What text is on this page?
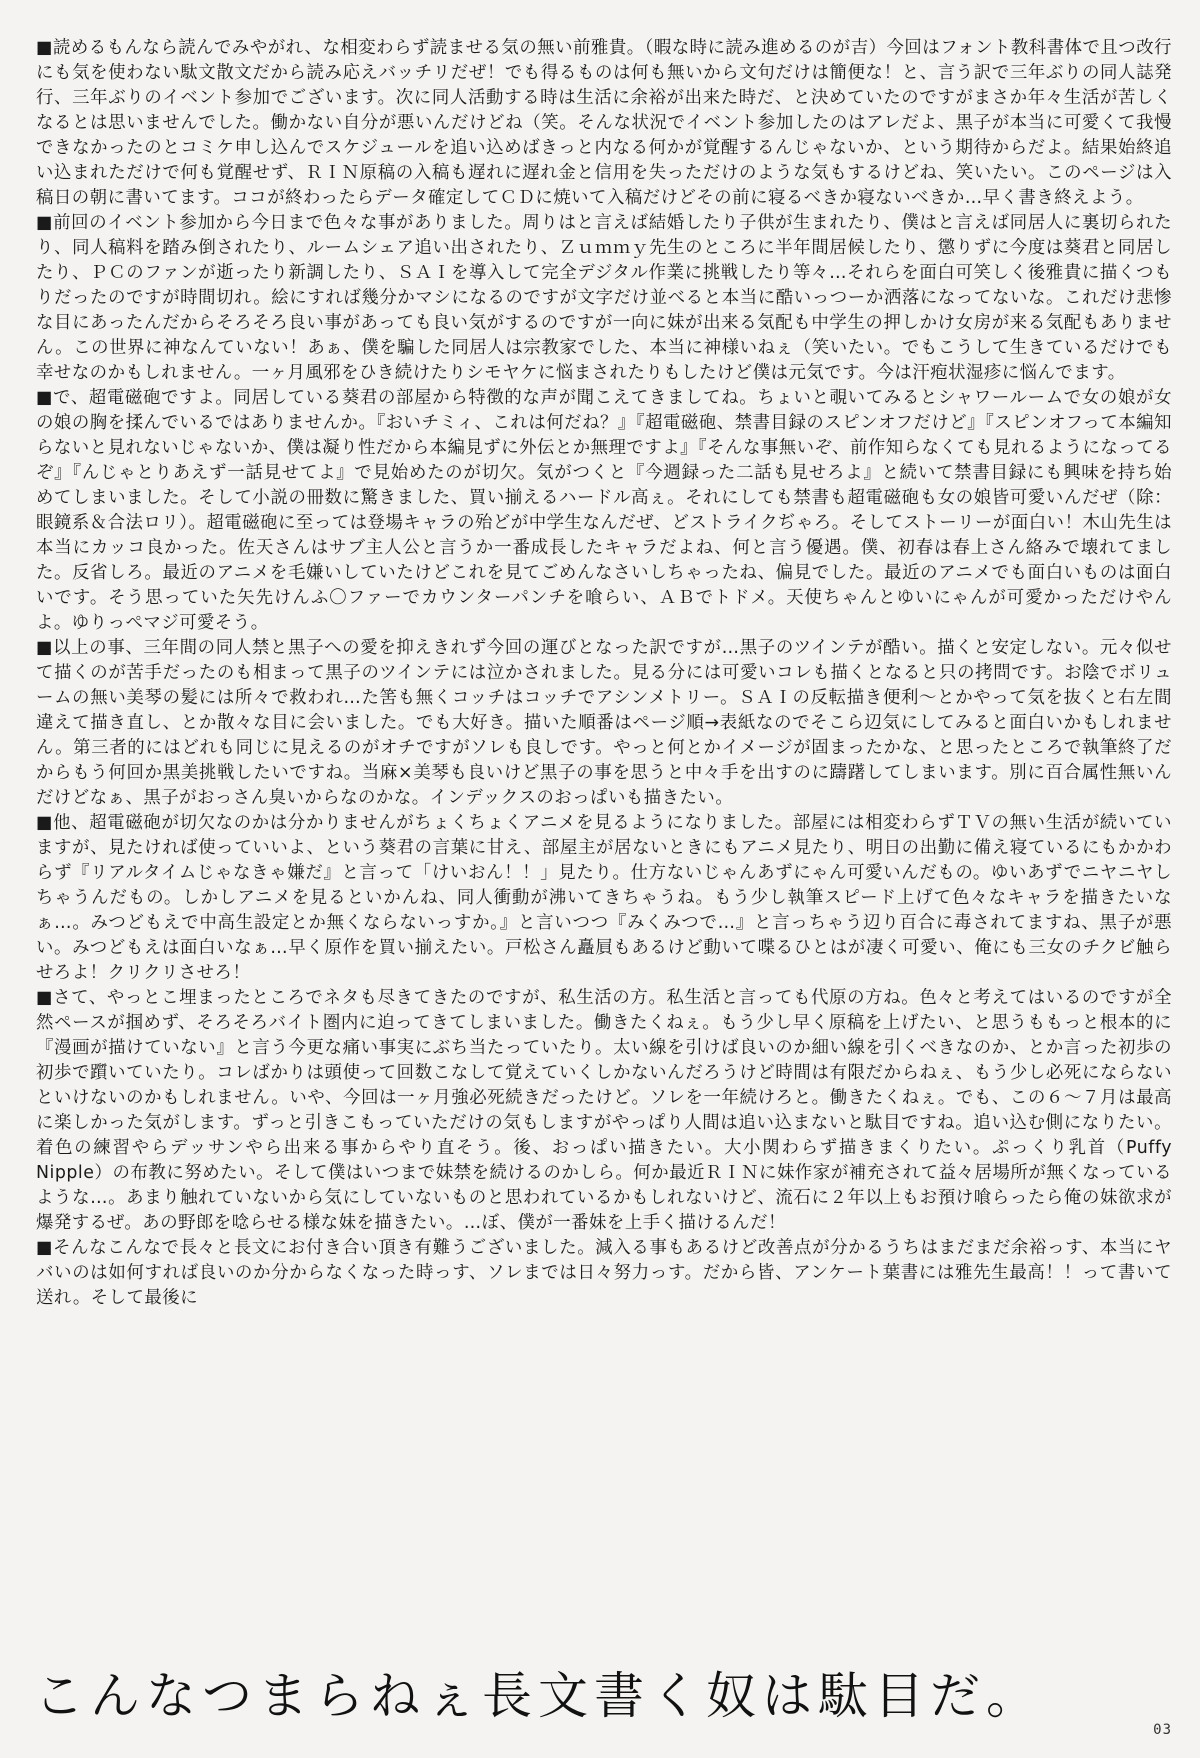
■読めるもんなら読んでみやがれ、な相変わらず読ませる気の無い前雅貴。（暇な時に読み進めるのが吉）今回はフォント教科書体で且つ改行にも気を使わない駄文散文だから読み応えバッチリだぜ！でも得るものは何も無いから文句だけは簡便な！と、言う訳で三年ぶりの同人誌発行、三年ぶりのイベント参加でございます。次に同人活動する時は生活に余裕が出来た時だ、と決めていたのですがまさか年々生活が苦しくなるとは思いませんでした。働かない自分が悪いんだけどね（笑。そんな状況でイベント参加したのはアレだよ、黒子が本当に可愛くて我慢できなかったのとコミケ申し込んでスケジュールを追い込めばきっと内なる何かが覚醒するんじゃないか、という期待からだよ。結果始終追い込まれただけで何も覚醒せず、ＲＩＮ原稿の入稿も遅れに遅れ金と信用を失っただけのような気もするけどね、笑いたい。このページは入稿日の朝に書いてます。ココが終わったらデータ確定してＣＤに焼いて入稿だけどその前に寝るべきか寝ないべきか…早く書き終えよう。

■前回のイベント参加から今日まで色々な事がありました。周りはと言えば結婚したり子供が生まれたり、僕はと言えば同居人に裏切られたり、同人稿料を踏み倒されたり、ルームシェア追い出されたり、Ｚｕｍｍｙ先生のところに半年間居候したり、懲りずに今度は葵君と同居したり、ＰＣのファンが逝ったり新調したり、ＳＡＩを導入して完全デジタル作業に挑戦したり等々…それらを面白可笑しく後雅貴に描くつもりだったのですが時間切れ。絵にすれば幾分かマシになるのですが文字だけ並べると本当に酷いっつーか洒落になってないな。これだけ悲惨な目にあったんだからそろそろ良い事があっても良い気がするのですが一向に妹が出来る気配も中学生の押しかけ女房が来る気配もありません。この世界に神なんていない！あぁ、僕を騙した同居人は宗教家でした、本当に神様いねぇ（笑いたい。でもこうして生きているだけでも幸せなのかもしれません。一ヶ月風邪をひき続けたりシモヤケに悩まされたりもしたけど僕は元気です。今は汗疱状湿疹に悩んでます。

■で、超電磁砲ですよ。同居している葵君の部屋から特徴的な声が聞こえてきましてね。ちょいと覗いてみるとシャワールームで女の娘が女の娘の胸を揉んでいるではありませんか。『おいチミィ、これは何だね？』『超電磁砲、禁書目録のスピンオフだけど』『スピンオフって本編知らないと見れないじゃないか、僕は凝り性だから本編見ずに外伝とか無理ですよ』『そんな事無いぞ、前作知らなくても見れるようになってるぞ』『んじゃとりあえず一話見せてよ』で見始めたのが切欠。気がつくと『今週録った二話も見せろよ』と続いて禁書目録にも興味を持ち始めてしまいました。そして小説の冊数に驚きました、買い揃えるハードル高ぇ。それにしても禁書も超電磁砲も女の娘皆可愛いんだぜ（除：眼鏡系＆合法ロリ）。超電磁砲に至っては登場キャラの殆どが中学生なんだぜ、どストライクぢゃろ。そしてストーリーが面白い！木山先生は本当にカッコ良かった。佐天さんはサブ主人公と言うか一番成長したキャラだよね、何と言う優遇。僕、初春は春上さん絡みで壊れてました。反省しろ。最近のアニメを毛嫌いしていたけどこれを見てごめんなさいしちゃったね、偏見でした。最近のアニメでも面白いものは面白いです。そう思っていた矢先けんふ〇ファーでカウンターパンチを喰らい、ＡＢでトドメ。天使ちゃんとゆいにゃんが可愛かっただけやんよ。ゆりっぺマジ可愛そう。

■以上の事、三年間の同人禁と黒子への愛を抑えきれず今回の運びとなった訳ですが…黒子のツインテが酷い。描くと安定しない。元々似せて描くのが苦手だったのも相まって黒子のツインテには泣かされました。見る分には可愛いコレも描くとなると只の拷問です。お陰でボリュームの無い美琴の髪には所々で救われ…た筈も無くコッチはコッチでアシンメトリー。ＳＡＩの反転描き便利〜とかやって気を抜くと右左間違えて描き直し、とか散々な目に会いました。でも大好き。描いた順番はページ順→表紙なのでそこら辺気にしてみると面白いかもしれません。第三者的にはどれも同じに見えるのがオチですがソレも良しです。やっと何とかイメージが固まったかな、と思ったところで執筆終了だからもう何回か黒美挑戦したいですね。当麻×美琴も良いけど黒子の事を思うと中々手を出すのに躊躇してしまいます。別に百合属性無いんだけどなぁ、黒子がおっさん臭いからなのかな。インデックスのおっぱいも描きたい。

■他、超電磁砲が切欠なのかは分かりませんがちょくちょくアニメを見るようになりました。部屋には相変わらずＴＶの無い生活が続いていますが、見たければ使っていいよ、という葵君の言葉に甘え、部屋主が居ないときにもアニメ見たり、明日の出勤に備え寝ているにもかかわらず『リアルタイムじゃなきゃ嫌だ』と言って「けいおん！！」見たり。仕方ないじゃんあずにゃん可愛いんだもの。ゆいあずでニヤニヤしちゃうんだもの。しかしアニメを見るといかんね、同人衝動が沸いてきちゃうね。もう少し執筆スピード上げて色々なキャラを描きたいなぁ…。みつどもえで中高生設定とか無くならないっすか。』と言いつつ『みくみつで…』と言っちゃう辺り百合に毒されてますね、黒子が悪い。みつどもえは面白いなぁ…早く原作を買い揃えたい。戸松さん矗屓もあるけど動いて喋るひとはが凄く可愛い、俺にも三女のチクビ触らせろよ！クリクリさせろ！

■さて、やっとこ埋まったところでネタも尽きてきたのですが、私生活の方。私生活と言っても代原の方ね。色々と考えてはいるのですが全然ペースが掴めず、そろそろバイト圏内に迫ってきてしまいました。働きたくねぇ。もう少し早く原稿を上げたい、と思うももっと根本的に『漫画が描けていない』と言う今更な痛い事実にぶち当たっていたり。太い線を引けば良いのか細い線を引くべきなのか、とか言った初歩の初歩で躓いていたり。コレばかりは頭使って回数こなして覚えていくしかないんだろうけど時間は有限だからねぇ、もう少し必死にならないといけないのかもしれません。いや、今回は一ヶ月強必死続きだったけど。ソレを一年続けろと。働きたくねぇ。でも、この６〜７月は最高に楽しかった気がします。ずっと引きこもっていただけの気もしますがやっぱり人間は追い込まないと駄目ですね。追い込む側になりたい。着色の練習やらデッサンやら出来る事からやり直そう。後、おっぱい描きたい。大小関わらず描きまくりたい。ぷっくり乳首（Puffy Nipple）の布教に努めたい。そして僕はいつまで妹禁を続けるのかしら。何か最近ＲＩＮに妹作家が補充されて益々居場所が無くなっているような…。あまり触れていないから気にしていないものと思われているかもしれないけど、流石に２年以上もお預け喰らったら俺の妹欲求が爆発するぜ。あの野郎を唸らせる様な妹を描きたい。…ぼ、僕が一番妹を上手く描けるんだ！

■そんなこんなで長々と長文にお付き合い頂き有難うございました。減入る事もあるけど改善点が分かるうちはまだまだ余裕っす、本当にヤバいのは如何すれば良いのか分からなくなった時っす、ソレまでは日々努力っす。だから皆、アンケート葉書には雅先生最高！！って書いて送れ。そして最後に

こんなつまらねぇ長文書く奴は駄目だ。
03
